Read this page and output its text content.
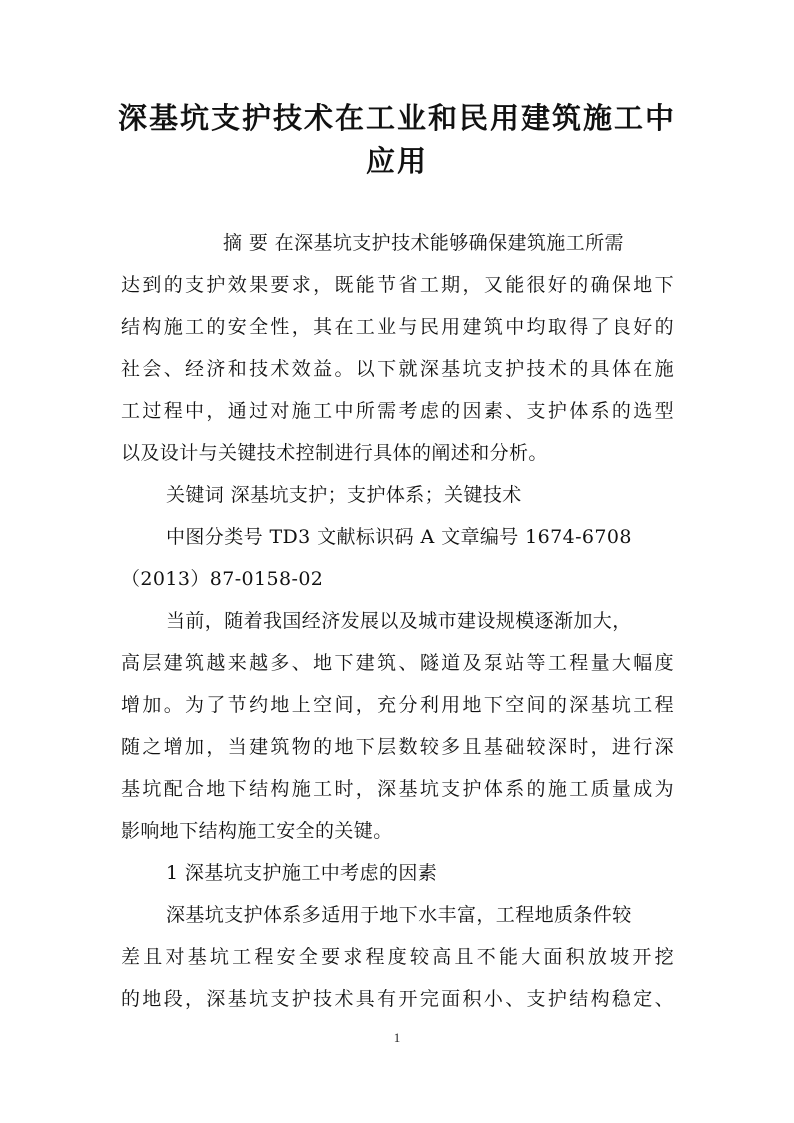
深基坑支护技术在工业和民用建筑施工中
应用
摘 要 在深基坑支护技术能够确保建筑施工所需
达到的支护效果要求，既能节省工期，又能很好的确保地下
结构施工的安全性，其在工业与民用建筑中均取得了良好的
社会、经济和技术效益。以下就深基坑支护技术的具体在施
工过程中，通过对施工中所需考虑的因素、支护体系的选型
以及设计与关键技术控制进行具体的阐述和分析。
关键词 深基坑支护；支护体系；关键技术
中图分类号 TD3 文献标识码 A 文章编号 1674-6708
（2013）87-0158-02
当前，随着我国经济发展以及城市建设规模逐渐加大，
高层建筑越来越多、地下建筑、隧道及泵站等工程量大幅度
增加。为了节约地上空间，充分利用地下空间的深基坑工程
随之增加，当建筑物的地下层数较多且基础较深时，进行深
基坑配合地下结构施工时，深基坑支护体系的施工质量成为
影响地下结构施工安全的关键。
1 深基坑支护施工中考虑的因素
深基坑支护体系多适用于地下水丰富，工程地质条件较
差且对基坑工程安全要求程度较高且不能大面积放坡开挖
的地段，深基坑支护技术具有开完面积小、支护结构稳定、
1
